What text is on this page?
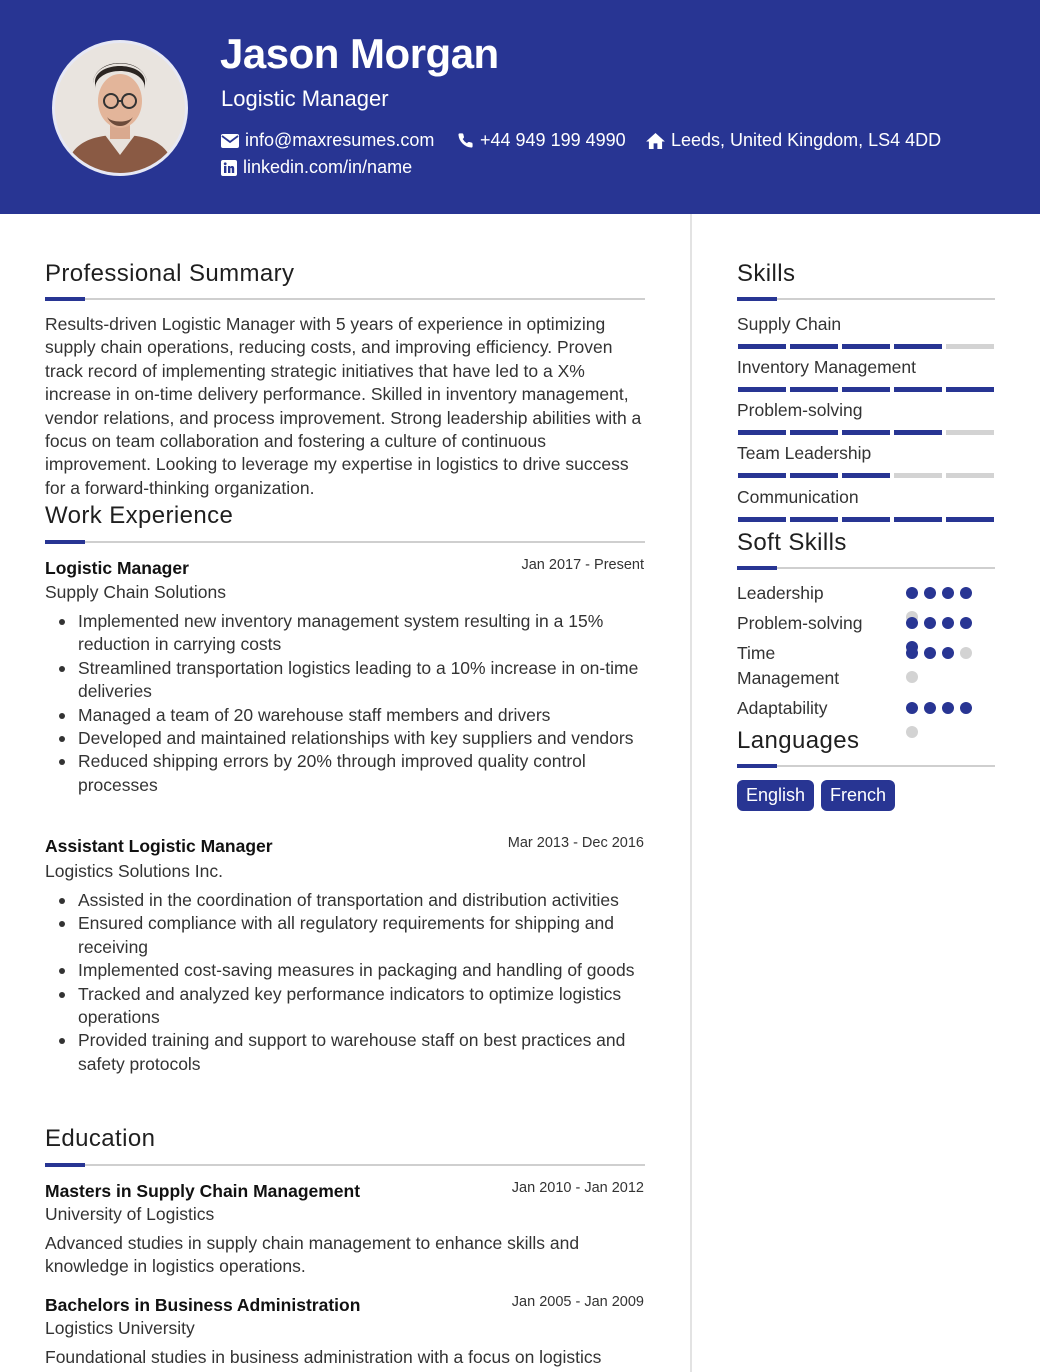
Jason Morgan
Logistic Manager
info@maxresumes.com	+44 949 199 4990	Leeds, United Kingdom, LS4 4DD
linkedin.com/in/name
Professional Summary
Results-driven Logistic Manager with 5 years of experience in optimizing supply chain operations, reducing costs, and improving efficiency. Proven track record of implementing strategic initiatives that have led to a X% increase in on-time delivery performance. Skilled in inventory management, vendor relations, and process improvement. Strong leadership abilities with a focus on team collaboration and fostering a culture of continuous improvement. Looking to leverage my expertise in logistics to drive success for a forward-thinking organization.
Work Experience
Logistic Manager	Jan 2017 - Present
Supply Chain Solutions
Implemented new inventory management system resulting in a 15% reduction in carrying costs
Streamlined transportation logistics leading to a 10% increase in on-time deliveries
Managed a team of 20 warehouse staff members and drivers
Developed and maintained relationships with key suppliers and vendors
Reduced shipping errors by 20% through improved quality control processes
Assistant Logistic Manager	Mar 2013 - Dec 2016
Logistics Solutions Inc.
Assisted in the coordination of transportation and distribution activities
Ensured compliance with all regulatory requirements for shipping and receiving
Implemented cost-saving measures in packaging and handling of goods
Tracked and analyzed key performance indicators to optimize logistics operations
Provided training and support to warehouse staff on best practices and safety protocols
Education
Masters in Supply Chain Management	Jan 2010 - Jan 2012
University of Logistics
Advanced studies in supply chain management to enhance skills and knowledge in logistics operations.
Bachelors in Business Administration	Jan 2005 - Jan 2009
Logistics University
Foundational studies in business administration with a focus on logistics
Skills
Supply Chain
Inventory Management
Problem-solving
Team Leadership
Communication
Soft Skills
Leadership
Problem-solving
Time Management
Adaptability
Languages
English	French
